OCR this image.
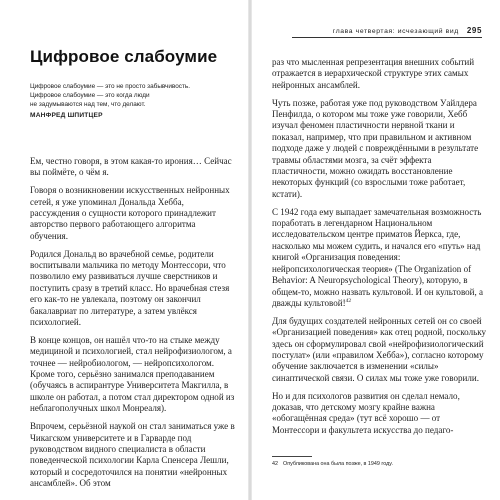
Цифровое слабоумие
Цифровое слабоумие — это не просто забывчивость.
Цифровое слабоумие — это когда люди
не задумываются над тем, что делают.
МАНФРЕД ШПИТЦЕР

Ем, честно говоря, в этом какая-то ирония… Сейчас вы поймёте, о чём я.

Говоря о возникновении искусственных нейронных сетей, я уже упоминал Дональда Хебба, рассуждения о сущности которого принадлежит авторство первого работающего алгоритма обучения.

Родился Дональд во врачебной семье, родители воспитывали мальчика по методу Монтессори, что позволило ему развиваться лучше сверстников и поступить сразу в третий класс. Но врачебная стезя его как-то не увлекала, поэтому он закончил бакалавриат по литературе, а затем увлёкся психологией.

В конце концов, он нашёл что-то на стыке между медициной и психологией, стал нейрофизиологом, а точнее — нейробиологом, — нейропсихологом. Кроме того, серьёзно занимался преподаванием (обучаясь в аспирантуре Университета Макгилла, в школе он работал, а потом стал директором одной из неблагополучных школ Монреаля).

Впрочем, серьёзной наукой он стал заниматься уже в Чикагском университете и в Гарварде под руководством видного специалиста в области поведенческой психологии Карла Спенсера Лешли, который и сосредоточился на понятии «нейронных ансамблей». Об этом

глава четвертая: исчезающий вид 295

раз что мысленная репрезентация внешних событий отражается в иерархической структуре этих самых нейронных ансамблей.

Чуть позже, работая уже под руководством Уайлдера Пенфилда, о котором мы тоже уже говорили, Хебб изучал феномен пластичности нервной ткани и показал, например, что при правильном и активном подходе даже у людей с повреждёнными в результате травмы областями мозга, за счёт эффекта пластичности, можно ожидать восстановление некоторых функций (со взрослыми тоже работает, кстати).

С 1942 года ему выпадает замечательная возможность поработать в легендарном Национальном исследовательском центре приматов Йеркса, где, насколько мы можем судить, и начался его «путь» над книгой «Организация поведения: нейропсихологическая теория» (The Organization of Behavior: A Neuropsychological Theory), которую, в общем-то, можно назвать культовой. И он культовой, а дважды культовой!$^{42}$

Для будущих создателей нейронных сетей он со своей «Организацией поведения» как отец родной, поскольку здесь он сформулировал свой «нейрофизиологический постулат» (или «правилом Хебба»), согласно которому обучение заключается в изменении «силы» синаптической связи. О силах мы тоже уже говорили.

Но и для психологов развития он сделал немало, доказав, что детскому мозгу крайне важна «обогащённая среда» (тут всё хорошо — от Монтессори и факультета искусства до педаго-

42 Опубликована она была позже, в 1949 году.
